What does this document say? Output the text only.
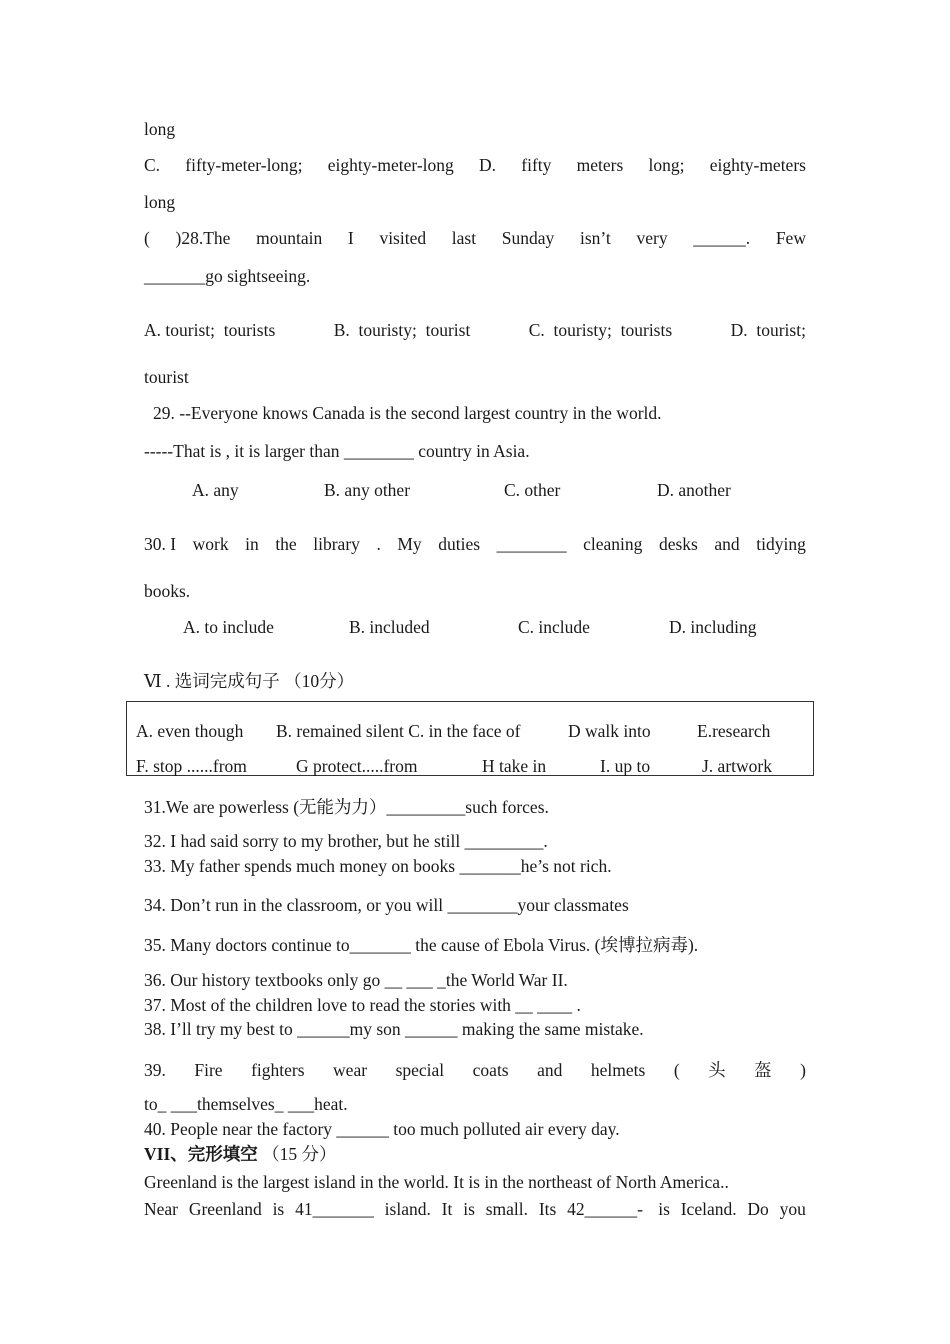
long
C. fifty-meter-long; eighty-meter-long D. fifty meters long; eighty-meters
long
( )28.The mountain I visited last Sunday isn’t very ______. Few
_______go sightseeing.
A. tourist;  tourists	B.  touristy;  tourist	C.  touristy;  tourists	D.  tourist;
tourist
29. --Everyone knows Canada is the second largest country in the world.
-----That is , it is larger than ________ country in Asia.
A. any	B. any other	C. other	D. another
30. I work in the library . My duties ________ cleaning desks and tidying
books.
A. to include	B. included	C. include	D. including
Ⅵ . 选词完成句子 （10分）
A. even though B. remained silent C. in the face of	D walk into	E.research
F. stop ......from	G protect.....from	H take in	I. up to	J. artwork
31.We are powerless (无能为力）_________such forces.
32. I had said sorry to my brother, but he still _________.
33. My father spends much money on books _______he’s not rich.
34. Don’t run in the classroom, or you will ________your classmates
35. Many doctors continue to_______ the cause of Ebola Virus. (埃博拉病毒).
36. Our history textbooks only go __ ___ _the World War II.
37. Most of the children love to read the stories with __ ____ .
38. I’ll try my best to ______my son ______ making the same mistake.
39. Fire fighters wear special coats and helmets ( 头 盔 )
to_ ___themselves_ ___heat.
40. People near the factory ______ too much polluted air every day.
VII、完形填空 （15 分）
Greenland is the largest island in the world. It is in the northeast of North America..
Near Greenland is 41_______ island. It is small. Its 42______- is Iceland. Do you
